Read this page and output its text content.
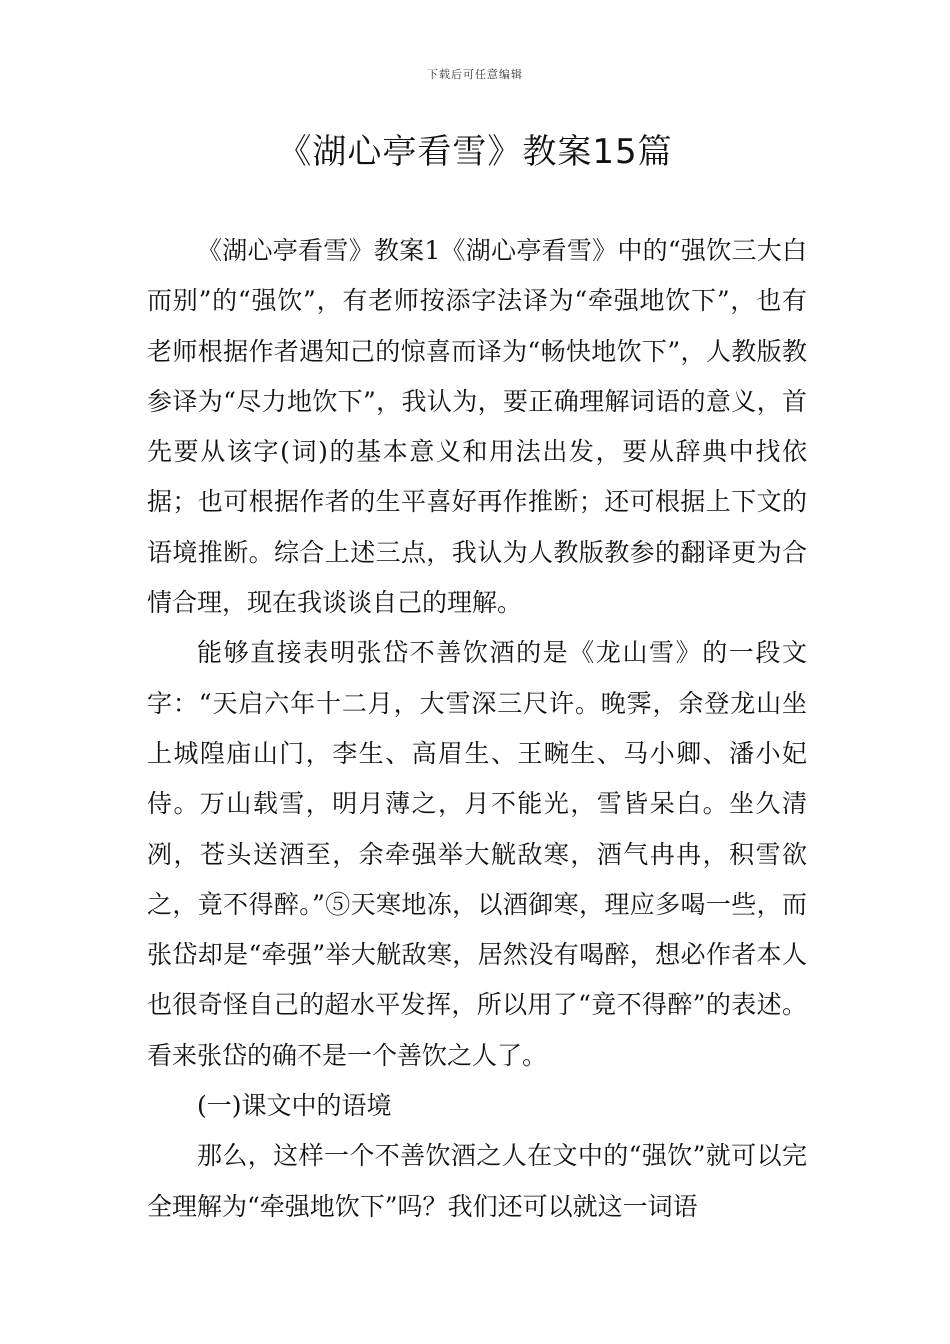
下载后可任意编辑
《湖心亭看雪》教案15篇

《湖心亭看雪》教案1《湖心亭看雪》中的“强饮三大白而别”的“强饮”，有老师按添字法译为“牵强地饮下”，也有老师根据作者遇知己的惊喜而译为“畅快地饮下”，人教版教参译为“尽力地饮下”，我认为，要正确理解词语的意义，首先要从该字(词)的基本意义和用法出发，要从辞典中找依据；也可根据作者的生平喜好再作推断；还可根据上下文的语境推断。综合上述三点，我认为人教版教参的翻译更为合情合理，现在我谈谈自己的理解。

能够直接表明张岱不善饮酒的是《龙山雪》的一段文字：“天启六年十二月，大雪深三尺许。晚霁，余登龙山坐上城隍庙山门，李生、高眉生、王畹生、马小卿、潘小妃侍。万山载雪，明月薄之，月不能光，雪皆呆白。坐久清冽，苍头送酒至，余牵强举大觥敌寒，酒气冉冉，积雪欲之，竟不得醉。”⑤天寒地冻，以酒御寒，理应多喝一些，而张岱却是“牵强”举大觥敌寒，居然没有喝醉，想必作者本人也很奇怪自己的超水平发挥，所以用了“竟不得醉”的表述。看来张岱的确不是一个善饮之人了。

(一)课文中的语境

那么，这样一个不善饮酒之人在文中的“强饮”就可以完全理解为“牵强地饮下”吗？我们还可以就这一词语
